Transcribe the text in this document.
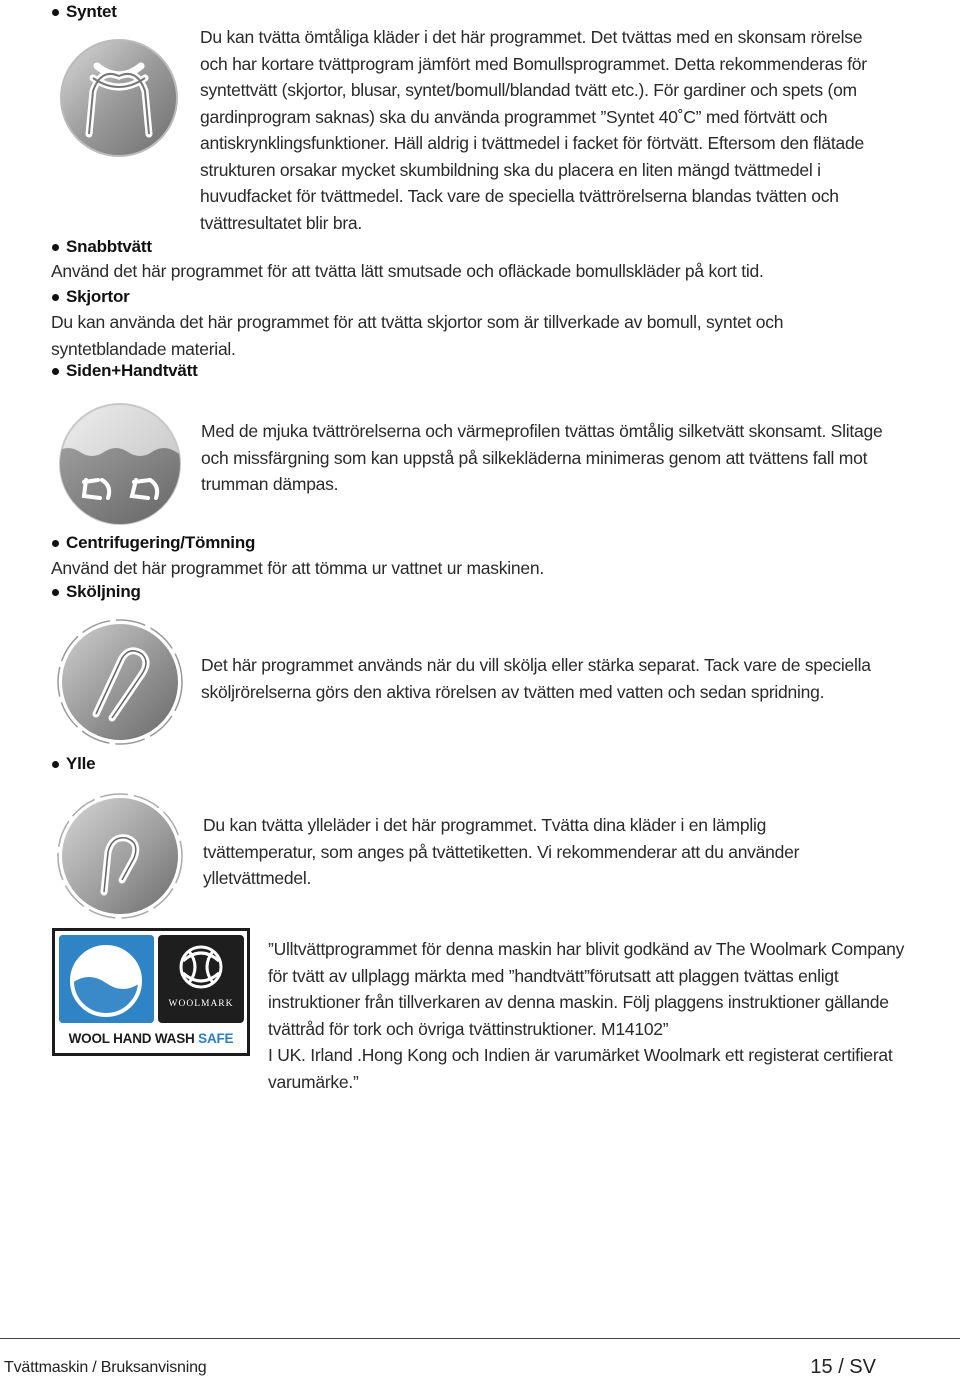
Syntet
Du kan tvätta ömtåliga kläder i det här programmet. Det tvättas med en skonsam rörelse och har kortare tvättprogram jämfört med Bomullsprogrammet. Detta rekommenderas för syntettvätt (skjortor, blusar, syntet/bomull/blandad tvätt etc.). För gardiner och spets (om gardinprogram saknas) ska du använda programmet ”Syntet 40˚C” med förtvätt och antiskrynklingsfunktioner. Häll aldrig i tvättmedel i facket för förtvätt. Eftersom den flätade strukturen orsakar mycket skumbildning ska du placera en liten mängd tvättmedel i huvudfacket för tvättmedel. Tack vare de speciella tvättrörelserna blandas tvätten och tvättresultatet blir bra.
Snabbtvätt
Använd det här programmet för att tvätta lätt smutsade och ofläckade bomullskläder på kort tid.
Skjortor
Du kan använda det här programmet för att tvätta skjortor som är tillverkade av bomull, syntet och syntetblandade material.
Siden+Handtvätt
Med de mjuka tvättrörelserna och värmeprofilen tvättas ömtålig silketvätt skonsamt. Slitage och missfärgning som kan uppstå på silkekläderna minimeras genom att tvättens fall mot trumman dämpas.
Centrifugering/Tömning
Använd det här programmet för att tömma ur vattnet ur maskinen.
Sköljning
Det här programmet används när du vill skölja eller stärka separat. Tack vare de speciella sköljrörelserna görs den aktiva rörelsen av tvätten med vatten och sedan spridning.
Ylle
Du kan tvätta ylleläder i det här programmet. Tvätta dina kläder i en lämplig tvättemperatur, som anges på tvättetiketten. Vi rekommenderar att du använder ylletvättmedel.
WOOLMARK
WOOL HAND WASH SAFE

”Ulltvättprogrammet för denna maskin har blivit godkänd av The Woolmark Company för tvätt av ullplagg märkta med ”handtvätt”förutsatt att plaggen tvättas enligt instruktioner från tillverkaren av denna maskin. Följ plaggens instruktioner gällande tvättråd för tork och övriga tvättinstruktioner. M14102”

I UK. Irland .Hong Kong och Indien är varumärket Woolmark ett registerat certifierat varumärke.”

Tvättmaskin / Bruksanvisning	15 / SV
